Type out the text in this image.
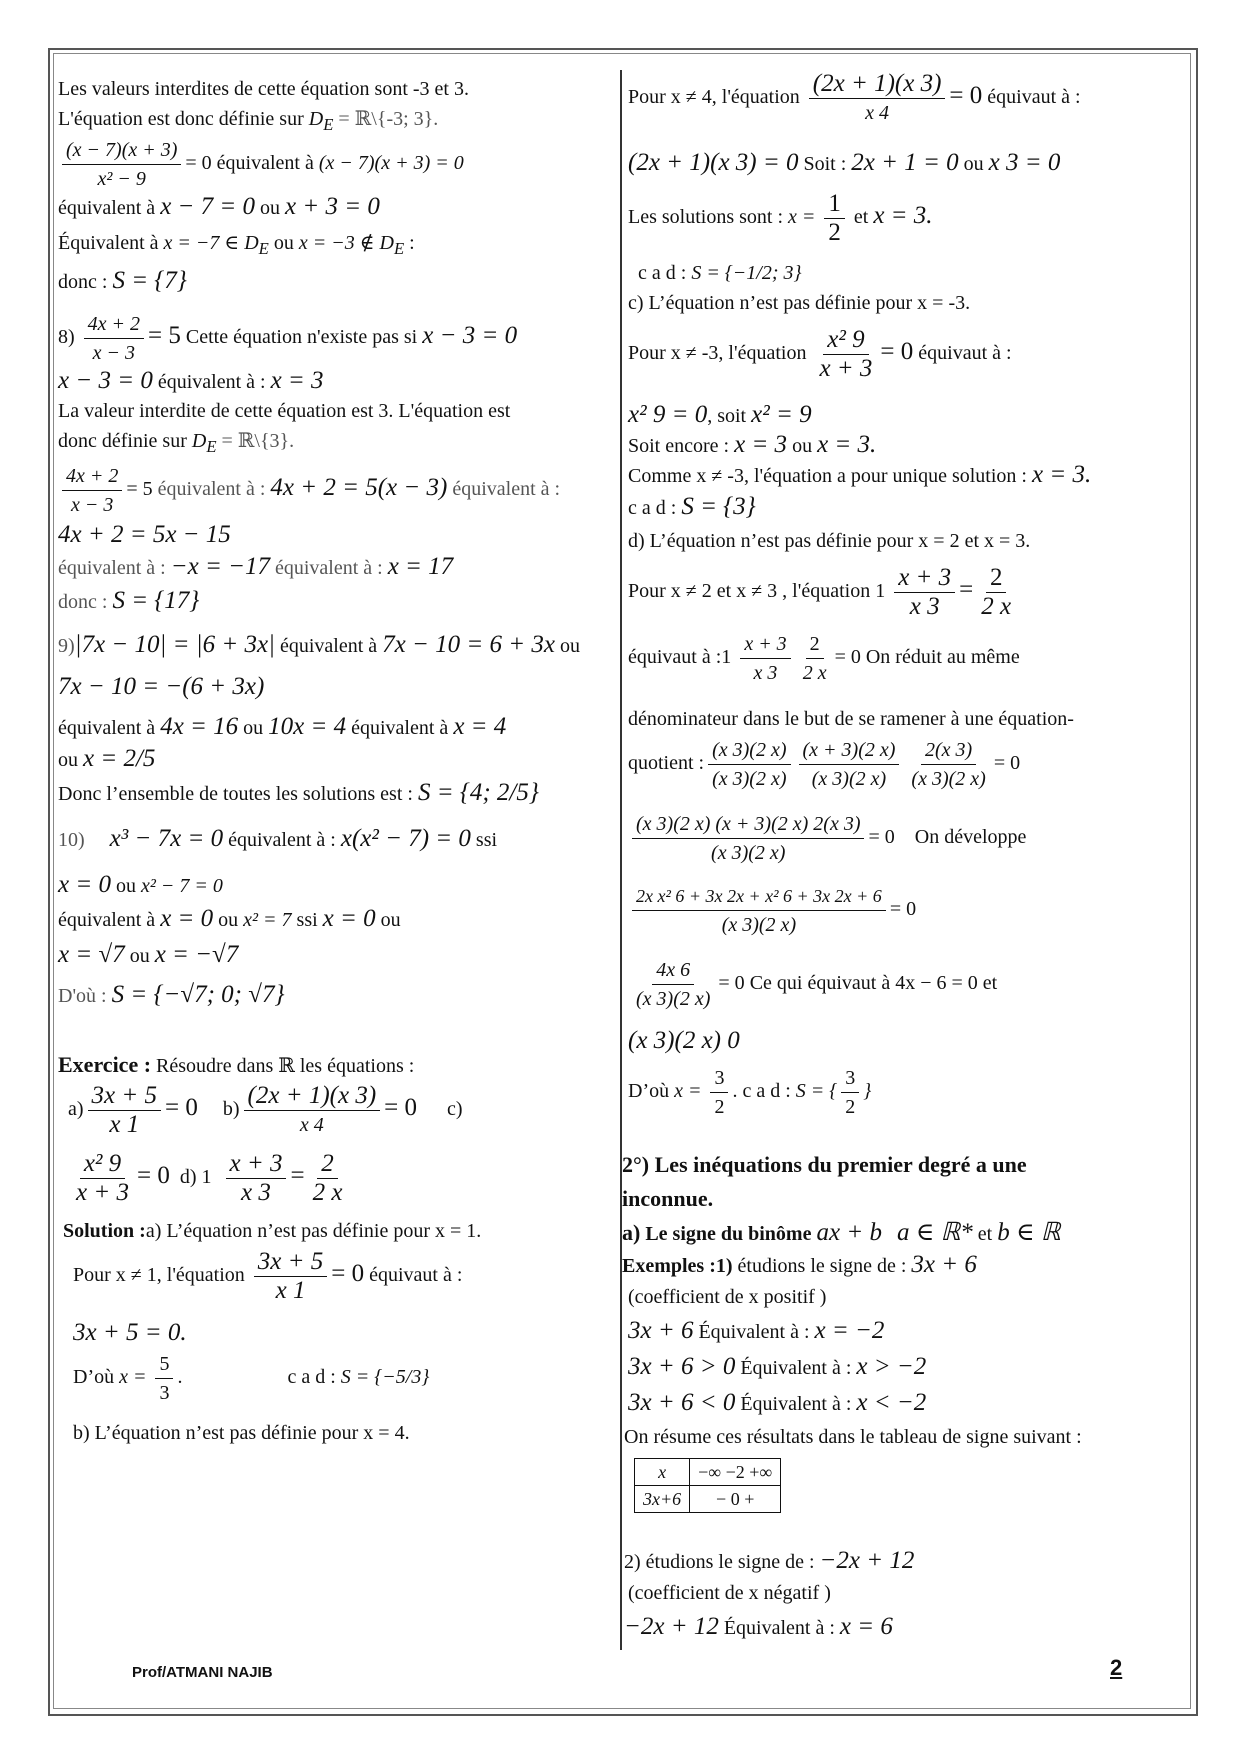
Les valeurs interdites de cette équation sont -3 et 3.
L'équation est donc définie sur $D_E$ = ℝ\{-3; 3}.
$\frac{(x - 7)(x + 3)}{\text{x² − 9}} = 0$ équivalent à (x − 7)(x + 3) = 0
équivalent à x − 7 = 0 ou x + 3 = 0
Équivalent à x = −7 ∈ $D_E$ ou x = −3 ∉ $D_E$ :
donc : S = {7}
$8) \frac{4x + 2}{x - 3} = 5$ Cette équation n'existe pas si x − 3 = 0
x − 3 = 0 équivalent à : x = 3
La valeur interdite de cette équation est 3. L'équation est
donc définie sur $D_E$ = ℝ\{3}.
$\frac{4x + 2}{x - 3} = 5$ équivalent à : 4x + 2 = 5(x − 3) équivalent à :
4x + 2 = 5x − 15
équivalent à : −x = −17 équivalent à : x = 17
donc : S = {17}
9)|7x − 10| = |6 + 3x| équivalent à 7x − 10 = 6 + 3x ou
7x − 10 = −(6 + 3x)
équivalent à 4x = 16 ou 10x = 4 équivalent à x = 4
ou x = 2/5
Donc l’ensemble de toutes les solutions est : S = {4; 2/5}
10) x³ − 7x = 0 équivalent à : x(x² − 7) = 0 ssi
x = 0 ou x² − 7 = 0
équivalent à x = 0 ou x² = 7 ssi x = 0 ou
x = √7 ou x = −√7
D'où : S = {−√7; 0; √7}
Exercice : Résoudre dans ℝ les équations :
$a) \frac{3x + 5}{x 1} = 0$ $b) \frac{(2x + 1)(x 3)}{x 4} = 0$ c)

$\frac{\text{x² 9}}{x + 3} = 0$ d) $1 \frac{x + 3}{x 3} = \frac{2}{2 x}$
Solution :a) L’équation n’est pas définie pour x = 1.
Pour x ≠ 1, l'équation $\frac{3x + 5}{x 1} = 0$ équivaut à :
3x + 5 = 0.
D’où $x = \frac{5}{3}$ .	c a d : S = {−5/3}
b) L’équation n’est pas définie pour x = 4.
Pour x ≠ 4, l'équation $\frac{(2x + 1)(x 3)}{x 4} = 0$ équivaut à :
(2x + 1)(x 3) = 0 Soit : 2x + 1 = 0 ou x 3 = 0
Les solutions sont : $x = \frac{1}{2}$ et x = 3.
c a d : S = {−1/2; 3}
c) L’équation n’est pas définie pour x = -3.
Pour x ≠ -3, l'équation $\frac{\text{x² 9}}{x + 3} = 0$ équivaut à :
x² 9 = 0, soit x² = 9
Soit encore : x = 3 ou x = 3.
Comme x ≠ -3, l'équation a pour unique solution : x = 3.
c a d : S = {3}
d) L’équation n’est pas définie pour x = 2 et x = 3.
Pour x ≠ 2 et x ≠ 3 , l'équation $1 \frac{x + 3}{x 3} = \frac{2}{2 x}$
équivaut à :1 $\frac{x + 3}{x 3} \frac{2}{2 x} = 0$ On réduit au même
dénominateur dans le but de se ramener à une équation-
quotient : $\frac{(x 3)(2 x)}{(x 3)(2 x)} \frac{(x + 3)(2 x)}{(x 3)(2 x)} \frac{2(x 3)}{(x 3)(2 x)} = 0$
$\frac{(x 3)(2 x) (x + 3)(2 x) 2(x 3)}{(x 3)(2 x)} = 0$    On développe
$\frac{\text{2x x² 6 + 3x 2x + x² 6 + 3x 2x + 6}}{(x 3)(2 x)} = 0$
$\frac{4x 6}{(x 3)(2 x)} = 0$ Ce qui équivaut à 4x − 6 = 0 et
(x 3)(2 x) 0
D’où $x = \frac{3}{2}$ . c a d : S = { $\frac{3}{2}$ }
2°) Les inéquations du premier degré a une
inconnue.
a) Le signe du binôme ax + b a ∈ ℝ* et b ∈ ℝ
Exemples :1) étudions le signe de : 3x + 6
(coefficient de x positif )
3x + 6 Équivalent à : x = −2
3x + 6 > 0 Équivalent à : x > −2
3x + 6 < 0 Équivalent à : x < −2
On résume ces résultats dans le tableau de signe suivant :
x	−∞ −2 +∞
3x+6	− 0 +
2) étudions le signe de : −2x + 12
(coefficient de x négatif )
−2x + 12 Équivalent à : x = 6
Prof/ATMANI NAJIB	2
